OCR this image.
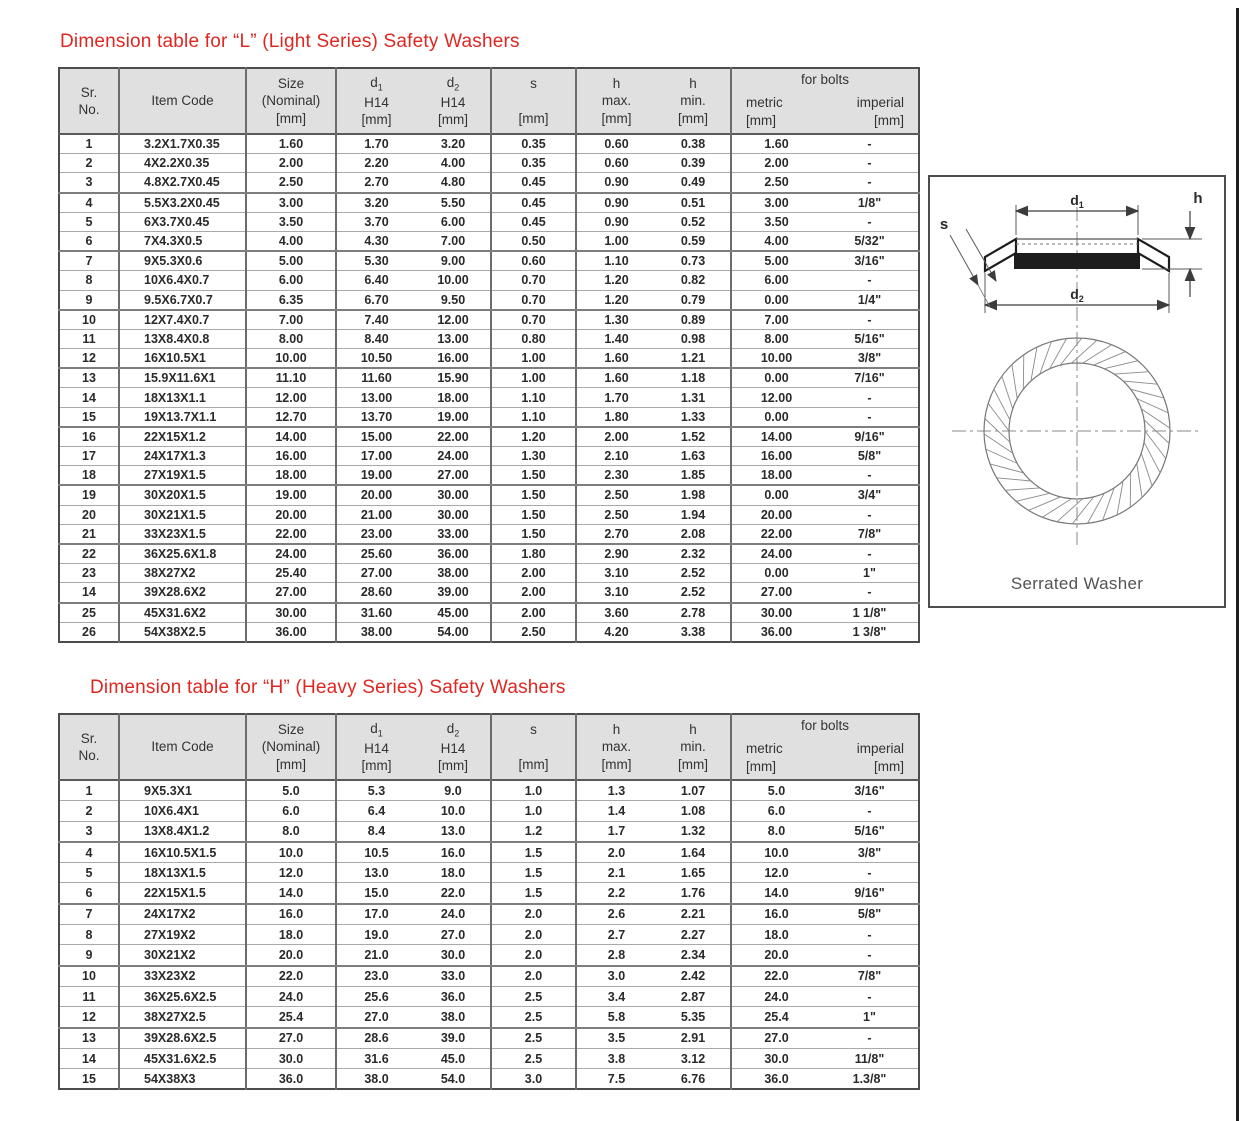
Dimension table for “L” (Light Series) Safety Washers
Sr.
No.
	Item Code	
Size
(Nominal)
[mm]

$d_1$
H14
[mm]

$d_2$
H14
[mm]

s

[mm]

h
max.
[mm]

h
min.
[mm]
	for bolts

metric
[mm]

imperial
[mm]

1	3.2X1.7X0.35	1.60	1.70	3.20	0.35	0.60	0.38	1.60	-
2	4X2.2X0.35	2.00	2.20	4.00	0.35	0.60	0.39	2.00	-
3	4.8X2.7X0.45	2.50	2.70	4.80	0.45	0.90	0.49	2.50	-
4	5.5X3.2X0.45	3.00	3.20	5.50	0.45	0.90	0.51	3.00	1/8"
5	6X3.7X0.45	3.50	3.70	6.00	0.45	0.90	0.52	3.50	-
6	7X4.3X0.5	4.00	4.30	7.00	0.50	1.00	0.59	4.00	5/32"
7	9X5.3X0.6	5.00	5.30	9.00	0.60	1.10	0.73	5.00	3/16"
8	10X6.4X0.7	6.00	6.40	10.00	0.70	1.20	0.82	6.00	-
9	9.5X6.7X0.7	6.35	6.70	9.50	0.70	1.20	0.79	0.00	1/4"
10	12X7.4X0.7	7.00	7.40	12.00	0.70	1.30	0.89	7.00	-
11	13X8.4X0.8	8.00	8.40	13.00	0.80	1.40	0.98	8.00	5/16"
12	16X10.5X1	10.00	10.50	16.00	1.00	1.60	1.21	10.00	3/8"
13	15.9X11.6X1	11.10	11.60	15.90	1.00	1.60	1.18	0.00	7/16"
14	18X13X1.1	12.00	13.00	18.00	1.10	1.70	1.31	12.00	-
15	19X13.7X1.1	12.70	13.70	19.00	1.10	1.80	1.33	0.00	-
16	22X15X1.2	14.00	15.00	22.00	1.20	2.00	1.52	14.00	9/16"
17	24X17X1.3	16.00	17.00	24.00	1.30	2.10	1.63	16.00	5/8"
18	27X19X1.5	18.00	19.00	27.00	1.50	2.30	1.85	18.00	-
19	30X20X1.5	19.00	20.00	30.00	1.50	2.50	1.98	0.00	3/4"
20	30X21X1.5	20.00	21.00	30.00	1.50	2.50	1.94	20.00	-
21	33X23X1.5	22.00	23.00	33.00	1.50	2.70	2.08	22.00	7/8"
22	36X25.6X1.8	24.00	25.60	36.00	1.80	2.90	2.32	24.00	-
23	38X27X2	25.40	27.00	38.00	2.00	3.10	2.52	0.00	1"
14	39X28.6X2	27.00	28.60	39.00	2.00	3.10	2.52	27.00	-
25	45X31.6X2	30.00	31.60	45.00	2.00	3.60	2.78	30.00	1 1/8"
26	54X38X2.5	36.00	38.00	54.00	2.50	4.20	3.38	36.00	1 3/8"
Dimension table for “H” (Heavy Series) Safety Washers
Sr.
No.
	Item Code	
Size
(Nominal)
[mm]

$d_1$
H14
[mm]

$d_2$
H14
[mm]

s

[mm]

h
max.
[mm]

h
min.
[mm]
	for bolts

metric
[mm]

imperial
[mm]

1	9X5.3X1	5.0	5.3	9.0	1.0	1.3	1.07	5.0	3/16"
2	10X6.4X1	6.0	6.4	10.0	1.0	1.4	1.08	6.0	-
3	13X8.4X1.2	8.0	8.4	13.0	1.2	1.7	1.32	8.0	5/16"
4	16X10.5X1.5	10.0	10.5	16.0	1.5	2.0	1.64	10.0	3/8"
5	18X13X1.5	12.0	13.0	18.0	1.5	2.1	1.65	12.0	-
6	22X15X1.5	14.0	15.0	22.0	1.5	2.2	1.76	14.0	9/16"
7	24X17X2	16.0	17.0	24.0	2.0	2.6	2.21	16.0	5/8"
8	27X19X2	18.0	19.0	27.0	2.0	2.7	2.27	18.0	-
9	30X21X2	20.0	21.0	30.0	2.0	2.8	2.34	20.0	-
10	33X23X2	22.0	23.0	33.0	2.0	3.0	2.42	22.0	7/8"
11	36X25.6X2.5	24.0	25.6	36.0	2.5	3.4	2.87	24.0	-
12	38X27X2.5	25.4	27.0	38.0	2.5	5.8	5.35	25.4	1"
13	39X28.6X2.5	27.0	28.6	39.0	2.5	3.5	2.91	27.0	-
14	45X31.6X2.5	30.0	31.6	45.0	2.5	3.8	3.12	30.0	11/8"
15	54X38X3	36.0	38.0	54.0	3.0	7.5	6.76	36.0	1.3/8"
$d_1$
$d_2$
h
s
Serrated Washer
